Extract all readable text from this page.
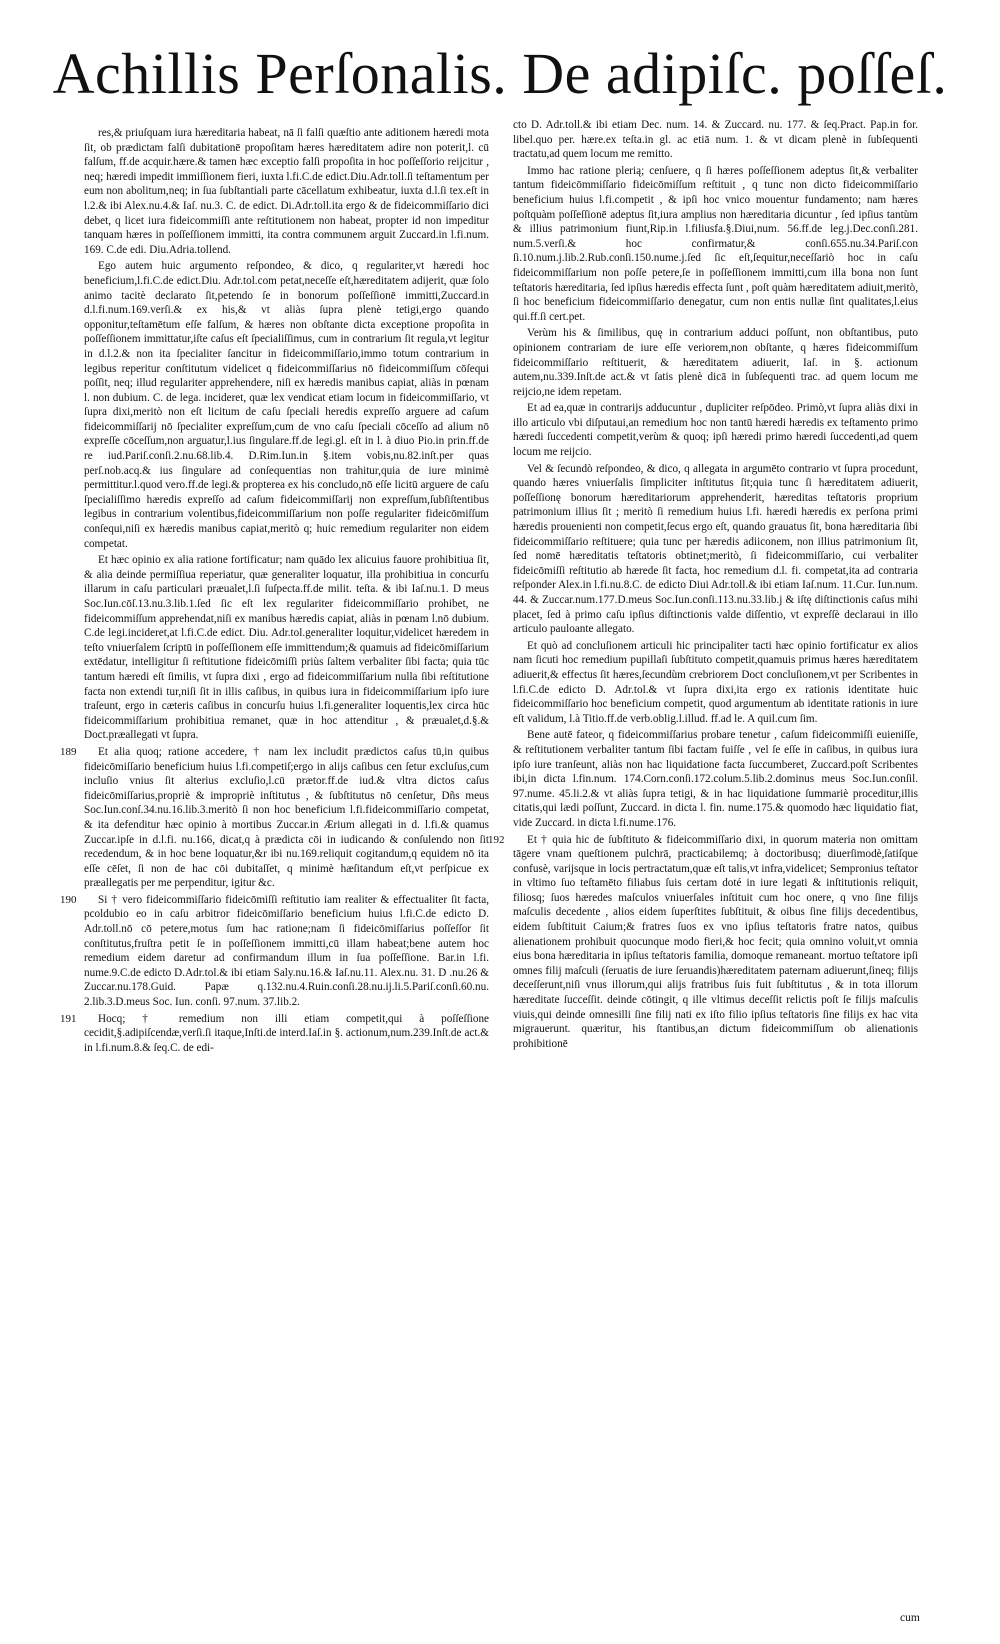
Achillis Perſonalis. De adipiſc. poſſeſ.

res,& priuſquam iura hæreditaria habeat, nā ſi falſi quæſtio ante aditionem hæredi mota ſit, ob prædictam falſi dubitationē propoſitam hæres hæreditatem adire non poterit,l. cū falſum, ff.de acquir.hære.& tamen hæc exceptio falſi propoſita in hoc poſſeſſorio reijcitur , neq; hæredi impedit immiſſionem fieri, iuxta l.fi.C.de edict.Diu.Adr.toll.ſi teſtamentum per eum non abolitum,neq; in ſua ſubſtantiali parte cācellatum exhibeatur, iuxta d.l.ſi tex.eſt in l.2.& ibi Alex.nu.4.& Iaſ. nu.3. C. de edict. Di.Adr.toll.ita ergo & de fideicommiſſario dici debet, q licet iura fideicommiſſi ante reſtitutionem non habeat, propter id non impeditur tanquam hæres in poſſeſſionem immitti, ita contra communem arguit Zuccard.in l.fi.num. 169. C.de edi. Diu.Adria.tollend.

Ego autem huic argumento reſpondeo, & dico, q regulariter,vt hæredi hoc beneficium,l.fi.C.de edict.Diu. Adr.tol.com petat,neceſſe eſt,hæreditatem adijerit, quæ ſolo animo tacitè declarato ſit,petendo ſe in bonorum poſſeſſionē immitti,Zuccard.in d.l.fi.num.169.verſi.& ex his,& vt aliàs ſupra plenè tetigi,ergo quando opponitur,teſtamētum eſſe falſum, & hæres non obſtante dicta exceptione propoſita in poſſeſſionem immittatur,iſte caſus eſt ſpecialiſſimus, cum in contrarium ſit regula,vt legitur in d.l.2.& non ita ſpecialiter ſancitur in fideicommiſſario,immo totum contrarium in legibus reperitur conſtitutum videlicet q fideicommiſſarius nō fideicommiſſum cōſequi poſſit, neq; illud regulariter apprehendere, niſi ex hæredis manibus capiat, aliàs in pœnam l. non dubium. C. de lega. incideret, quæ lex vendicat etiam locum in fideicommiſſario, vt ſupra dixi,meritò non eſt licitum de caſu ſpeciali heredis expreſſo arguere ad caſum fideicommiſſarij nō ſpecialiter expreſſum,cum de vno caſu ſpeciali cōceſſo ad alium nō expreſſe cōceſſum,non arguatur,l.ius ſingulare.ff.de legi.gl. eſt in l. à diuo Pio.in prin.ff.de re iud.Pariſ.conſi.2.nu.68.lib.4. D.Rim.Iun.in §.item vobis,nu.82.inſt.per quas perſ.nob.acq.& ius ſingulare ad conſequentias non trahitur,quia de iure minimè permittitur.l.quod vero.ff.de legi.& propterea ex his concludo,nō eſſe licitū arguere de caſu ſpecialiſſimo hæredis expreſſo ad caſum fideicommiſſarij non expreſſum,ſubſiſtentibus legibus in contrarium volentibus,fideicommiſſarium non poſſe regulariter fideicōmiſſum conſequi,niſi ex hæredis manibus capiat,meritò q; huic remedium regulariter non eidem competat.

Et hæc opinio ex alia ratione fortificatur; nam quādo lex alicuius fauore prohibitiua ſit, & alia deinde permiſſiua reperiatur, quæ generaliter loquatur, illa prohibitiua in concurſu illarum in caſu particulari præualet,l.ſi ſuſpecta.ff.de milit. teſta. & ibi Iaſ.nu.1. D meus Soc.Iun.cōſ.13.nu.3.lib.1.ſed ſic eſt lex regulariter fideicommiſſario prohibet, ne fideicommiſſum apprehendat,niſi ex manibus hæredis capiat, aliàs in pœnam l.nō dubium. C.de legi.incideret,at l.fi.C.de edict. Diu. Adr.tol.generaliter loquitur,videlicet hæredem in teſto vniuerſalem ſcriptū in poſſeſſionem eſſe immittendum;& quamuis ad fideicōmiſſarium extēdatur, intelligitur ſi reſtitutione fideicōmiſſi priùs ſaltem verbaliter ſibi facta; quia tūc tantum hæredi eſt ſimilis, vt ſupra dixi , ergo ad fideicommiſſarium nulla ſibi reſtitutione facta non extendi tur,niſi ſit in illis caſibus, in quibus iura in fideicommiſſarium ipſo iure traſeunt, ergo in cæteris caſibus in concurſu huius l.fi.generaliter loquentis,lex circa hūc fideicommiſſarium prohibitiua remanet, quæ in hoc attenditur , & præualet,d.§.& Doct.præallegati vt ſupra.

189	Et alia quoq; ratione accedere, † nam lex includit prædictos caſus tū,in quibus fideicōmiſſario beneficium huius l.fi.competiſ;ergo in alijs caſibus cen ſetur excluſus,cum incluſio vnius ſit alterius excluſio,l.cū prætor.ff.de iud.& vltra dictos caſus fideicōmiſſarius,propriè & impropriè inſtitutus , & ſubſtitutus nō cenſetur, Dñs meus Soc.Iun.conſ.34.nu.16.lib.3.meritò ſi non hoc beneficium l.fi.fideicommiſſario competat, & ita defenditur hæc opinio à mortibus Zuccar.in Ærium allegati in d. l.fi.& quamus Zuccar.ipſe in d.l.fi. nu.166, dicat,q à prædicta cōi in iudicando & conſulendo non ſit recedendum, & in hoc bene loquatur,&r ibi nu.169.reliquit cogitandum,q equidem nō ita eſſe cēſet, ſi non de hac cōi dubitaſſet, q minimè hæſitandum eſt,vt perſpicue ex præallegatis per me perpenditur, igitur &c.

190	Si † vero fideicommiſſario fideicōmiſſi reſtitutio iam realiter & effectualiter ſit facta, pcoldubio eo in caſu arbitror fideicōmiſſario beneficium huius l.fi.C.de edicto D. Adr.toll.nō cō petere,motus ſum hac ratione;nam ſi fideicōmiſſarius poſſeſſor ſit conſtitutus,fruſtra petit ſe in poſſeſſionem immitti,cū illam habeat;bene autem hoc remedium eidem daretur ad confirmandum illum in ſua poſſeſſione. Bar.in l.fi. nume.9.C.de edicto D.Adr.tol.& ibi etiam Saly.nu.16.& Iaſ.nu.11. Alex.nu. 31. D .nu.26 & Zuccar.nu.178.Guid. Papæ q.132.nu.4.Ruin.conſi.28.nu.ij.li.5.Pariſ.conſi.60.nu. 2.lib.3.D.meus Soc. Iun. conſi. 97.num. 37.lib.2.

191	Hocq; † remedium non illi etiam competit,qui à poſſeſſione cecidit,§.adipiſcendæ,verſi.ſi itaque,Inſti.de interd.Iaſ.in §. actionum,num.239.Inſt.de act.& in l.fi.num.8.& ſeq.C. de edi-

cto D. Adr.toll.& ibi etiam Dec. num. 14. & Zuccard. nu. 177. & ſeq.Pract. Pap.in for. libel.quo per. hære.ex teſta.in gl. ac etiā num. 1. & vt dicam plenè in ſubſequenti tractatu,ad quem locum me remitto.

Immo hac ratione plerią; cenſuere, q ſi hæres poſſeſſionem adeptus ſit,& verbaliter tantum fideicōmmiſſario fideicōmiſſum reſtituit , q tunc non dicto fideicommiſſario beneficium huius l.fi.competit , & ipſi hoc vnico mouentur fundamento; nam hæres poſtquàm poſſeſſionē adeptus ſit,iura amplius non hæreditaria dicuntur , ſed ipſius tantùm & illius patrimonium fiunt,Rip.in l.filiusfa.§.Diui,num. 56.ff.de leg.j.Dec.conſi.281. num.5.verſi.& hoc confirmatur,& conſi.655.nu.34.Pariſ.con ſi.10.num.j.lib.2.Rub.conſi.150.nume.j.ſed ſic eſt,ſequitur,neceſſariò hoc in caſu fideicommiſſarium non poſſe petere,ſe in poſſeſſionem immitti,cum illa bona non ſunt teſtatoris hæreditaria, ſed ipſius hæredis effecta ſunt , poſt quàm hæreditatem adiuit,meritò, ſi hoc beneficium fideicommiſſario denegatur, cum non entis nullæ ſint qualitates,l.eius qui.ff.ſi cert.pet.

Verùm his & ſimilibus, quę in contrarium adduci poſſunt, non obſtantibus, puto opinionem contrariam de iure eſſe veriorem,non obſtante, q hæres fideicommiſſum fideicommiſſario reſtituerit, & hæreditatem adiuerit, Iaſ. in §. actionum autem,nu.339.Inſt.de act.& vt ſatis plenè dicā in ſubſequenti trac. ad quem locum me reijcio,ne idem repetam.

Et ad ea,quæ in contrarijs adducuntur , dupliciter reſpōdeo. Primò,vt ſupra aliàs dixi in illo articulo vbi diſputaui,an remedium hoc non tantū hæredi hæredis ex teſtamento primo hæredi ſuccedenti competit,verùm & quoq; ipſi hæredi primo hæredi ſuccedenti,ad quem locum me reijcio.

Vel & ſecundò reſpondeo, & dico, q allegata in argumēto contrario vt ſupra procedunt, quando hæres vniuerſalis ſimpliciter inſtitutus ſit;quia tunc ſi hæreditatem adiuerit, poſſeſſionę bonorum hæreditariorum apprehenderit, hæreditas teſtatoris proprium patrimonium illius ſit ; meritò ſi remedium huius l.fi. hæredi hæredis ex perſona primi hæredis prouenienti non competit,ſecus ergo eſt, quando grauatus ſit, bona hæreditaria ſibi fideicommiſſario reſtituere; quia tunc per hæredis adiiconem, non illius patrimonium ſit, ſed nomē hæreditatis teſtatoris obtinet;meritò, ſi fideicommiſſario, cui verbaliter fideicōmiſſi reſtitutio ab hærede ſit facta, hoc remedium d.l. fi. competat,ita ad contraria reſponder Alex.in l.fi.nu.8.C. de edicto Diui Adr.toll.& ibi etiam Iaſ.num. 11.Cur. Iun.num. 44. & Zuccar.num.177.D.meus Soc.Iun.conſi.113.nu.33.lib.j & iſtę diſtinctionis caſus mihi placet, ſed à primo caſu ipſius diſtinctionis valde diſſentio, vt expreſſè declaraui in illo articulo pauloante allegato.

Et quò ad concluſionem articuli hic principaliter tacti hæc opinio fortificatur ex alios nam ſicuti hoc remedium pupillaſi ſubſtituto competit,quamuis primus hæres hæreditatem adiuerit,& effectus ſit hæres,ſecundùm crebriorem Doct concluſionem,vt per Scribentes in l.fi.C.de edicto D. Adr.tol.& vt ſupra dixi,ita ergo ex rationis identitate huic fideicommiſſario hoc beneficium competit, quod argumentum ab identitate rationis in iure eſt validum, l.à Titio.ff.de verb.oblig.l.illud. ff.ad le. A quil.cum ſim.

Bene autē fateor, q fideicommiſſarius probare tenetur , caſum fideicommiſſi euieniſſe, & reſtitutionem verbaliter tantum ſibi factam fuiſſe , vel ſe eſſe in caſibus, in quibus iura ipſo iure tranſeunt, aliàs non hac liquidatione facta ſuccumberet, Zuccard.poſt Scribentes ibi,in dicta l.fin.num. 174.Corn.conſi.172.colum.5.lib.2.dominus meus Soc.Iun.conſil. 97.nume. 45.li.2.& vt aliàs ſupra tetigi, & in hac liquidatione ſummariè proceditur,illis citatis,qui lædi poſſunt, Zuccard. in dicta l. fin. nume.175.& quomodo hæc liquidatio fiat, vide Zuccard. in dicta l.fi.nume.176.

192	Et † quia hic de ſubſtituto & fideicommiſſario dixi, in quorum materia non omittam tāgere vnam queſtionem pulchrā, practicabilemq; à doctoribusq; diuerſimodè,ſatiſque confusè, varijsque in locis pertractatum,quæ eſt talis,vt infra,videlicet; Sempronius teſtator in vltimo ſuo teſtamēto filiabus ſuis certam doté in iure legati & inſtitutionis reliquit, filiosq; ſuos hæredes maſculos vniuerſales inſtituit cum hoc onere, q vno ſine filijs maſculis decedente , alios eidem ſuperſtites ſubſtituit, & oibus ſine filijs decedentibus, eidem ſubſtituit Caium;& fratres ſuos ex vno ipſius teſtatoris fratre natos, quibus alienationem prohibuit quocunque modo fieri,& hoc fecit; quia omnino voluit,vt omnia eius bona hæreditaria in ipſius teſtatoris familia, domoque remaneant. mortuo teſtatore ipſi omnes filij maſculi (ſeruatis de iure ſeruandis)hæreditatem paternam adiuerunt,ſineq; filijs deceſſerunt,niſi vnus illorum,qui alijs fratribus ſuis fuit ſubſtitutus , & in tota illorum hæreditate ſucceſſit. deinde cōtingit, q ille vltimus deceſſit relictis poſt ſe filijs maſculis viuis,qui deinde omnesilli ſine filij nati ex iſto filio ipſius teſtatoris ſine filijs ex hac vita migrauerunt. quæritur, his ſtantibus,an dictum fideicommiſſum ob alienationis prohibitionē

cum
